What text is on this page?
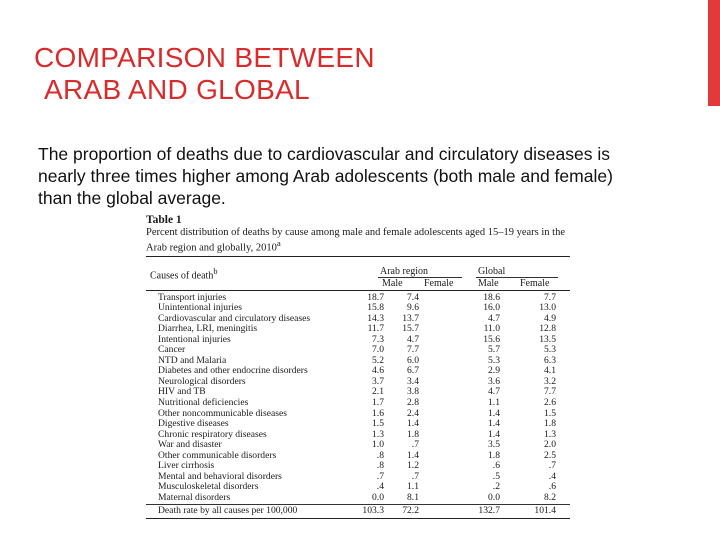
COMPARISON BETWEEN
ARAB AND GLOBAL

The proportion of deaths due to cardiovascular and circulatory diseases is nearly three times higher among Arab adolescents (both male and female) than the global average.

Table 1
Percent distribution of deaths by cause among male and female adolescents aged 15–19 years in the Arab region and globally, 2010$^a$
Causes of death$^b$	Arab region	Global
Male Female Male Female
Transport injuries	18.7 7.4	18.6	7.7
Unintentional injuries	15.8 9.6	16.0	13.0
Cardiovascular and circulatory diseases	14.3 13.7	4.7	4.9
Diarrhea, LRI, meningitis	11.7 15.7	11.0	12.8
Intentional injuries	7.3 4.7	15.6	13.5
Cancer	7.0 7.7	5.7	5.3
NTD and Malaria	5.2 6.0	5.3	6.3
Diabetes and other endocrine disorders	4.6 6.7	2.9	4.1
Neurological disorders	3.7 3.4	3.6	3.2
HIV and TB	2.1 3.8	4.7	7.7
Nutritional deficiencies	1.7 2.8	1.1	2.6
Other noncommunicable diseases	1.6 2.4	1.4	1.5
Digestive diseases	1.5 1.4	1.4	1.8
Chronic respiratory diseases	1.3 1.8	1.4	1.3
War and disaster	1.0	.7	3.5	2.0
Other communicable disorders	.8 1.4	1.8	2.5
Liver cirrhosis	.8 1.2	.6	.7
Mental and behavioral disorders	.7	.7	.5	.4
Musculoskeletal disorders	.4 1.1	.2	.6
Maternal disorders	0.0 8.1	0.0	8.2
Death rate by all causes per 100,000	103.3 72.2	132.7	101.4
